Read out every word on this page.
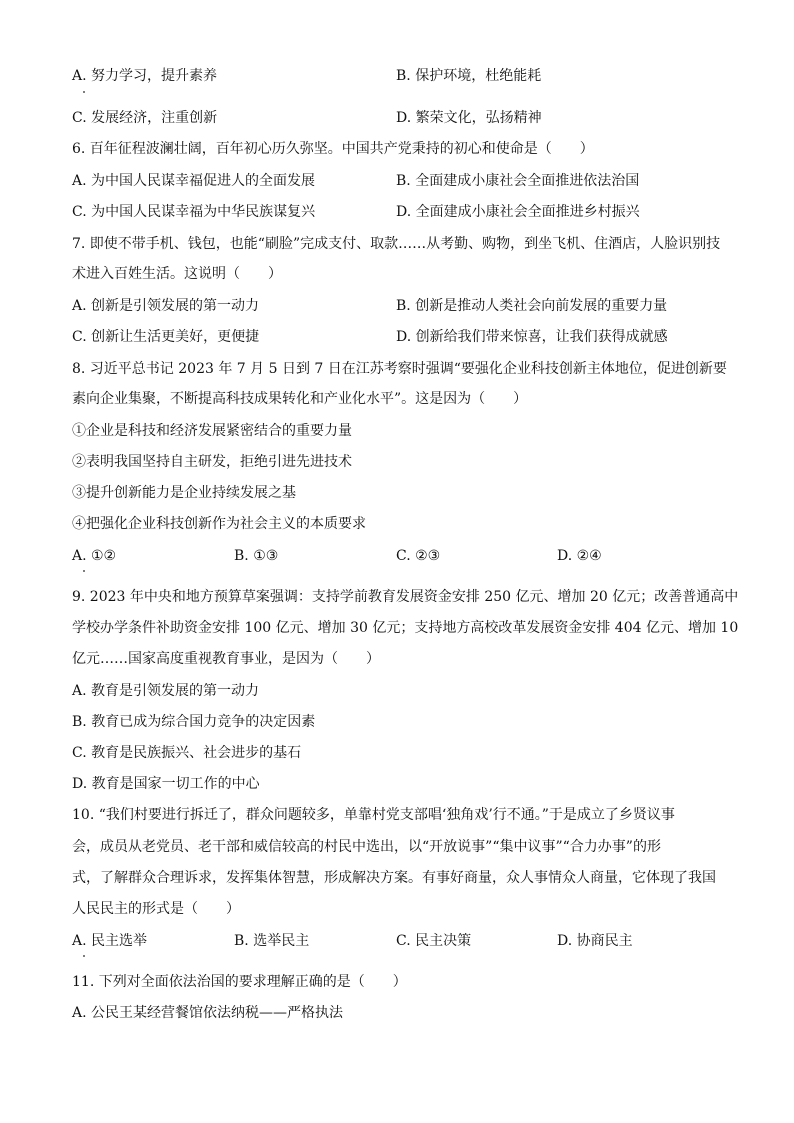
A. 努力学习，提升素养	B. 保护环境，杜绝能耗
C. 发展经济，注重创新	D. 繁荣文化，弘扬精神
6. 百年征程波澜壮阔，百年初心历久弥坚。中国共产党秉持的初心和使命是（　　）
A. 为中国人民谋幸福促进人的全面发展	B. 全面建成小康社会全面推进依法治国
C. 为中国人民谋幸福为中华民族谋复兴	D. 全面建成小康社会全面推进乡村振兴
7. 即使不带手机、钱包，也能“刷脸”完成支付、取款……从考勤、购物，到坐飞机、住酒店，人脸识别技
术进入百姓生活。这说明（　　）
A. 创新是引领发展的第一动力	B. 创新是推动人类社会向前发展的重要力量
C. 创新让生活更美好，更便捷	D. 创新给我们带来惊喜，让我们获得成就感
8. 习近平总书记 2023 年 7 月 5 日到 7 日在江苏考察时强调“要强化企业科技创新主体地位，促进创新要
素向企业集聚，不断提高科技成果转化和产业化水平”。这是因为（　　）
①企业是科技和经济发展紧密结合的重要力量
②表明我国坚持自主研发，拒绝引进先进技术
③提升创新能力是企业持续发展之基
④把强化企业科技创新作为社会主义的本质要求
A. ①②	B. ①③	C. ②③	D. ②④
9. 2023 年中央和地方预算草案强调：支持学前教育发展资金安排 250 亿元、增加 20 亿元；改善普通高中
学校办学条件补助资金安排 100 亿元、增加 30 亿元；支持地方高校改革发展资金安排 404 亿元、增加 10
亿元……国家高度重视教育事业，是因为（　　）
A. 教育是引领发展的第一动力
B. 教育已成为综合国力竞争的决定因素
C. 教育是民族振兴、社会进步的基石
D. 教育是国家一切工作的中心
10. “我们村要进行拆迁了，群众问题较多，单靠村党支部唱‘独角戏’行不通。”于是成立了乡贤议事
会，成员从老党员、老干部和威信较高的村民中选出，以“开放说事”“集中议事”“合力办事”的形
式，了解群众合理诉求，发挥集体智慧，形成解决方案。有事好商量，众人事情众人商量，它体现了我国
人民民主的形式是（　　）
A. 民主选举	B. 选举民主	C. 民主决策	D. 协商民主
11. 下列对全面依法治国的要求理解正确的是（　　）
A. 公民王某经营餐馆依法纳税——严格执法
